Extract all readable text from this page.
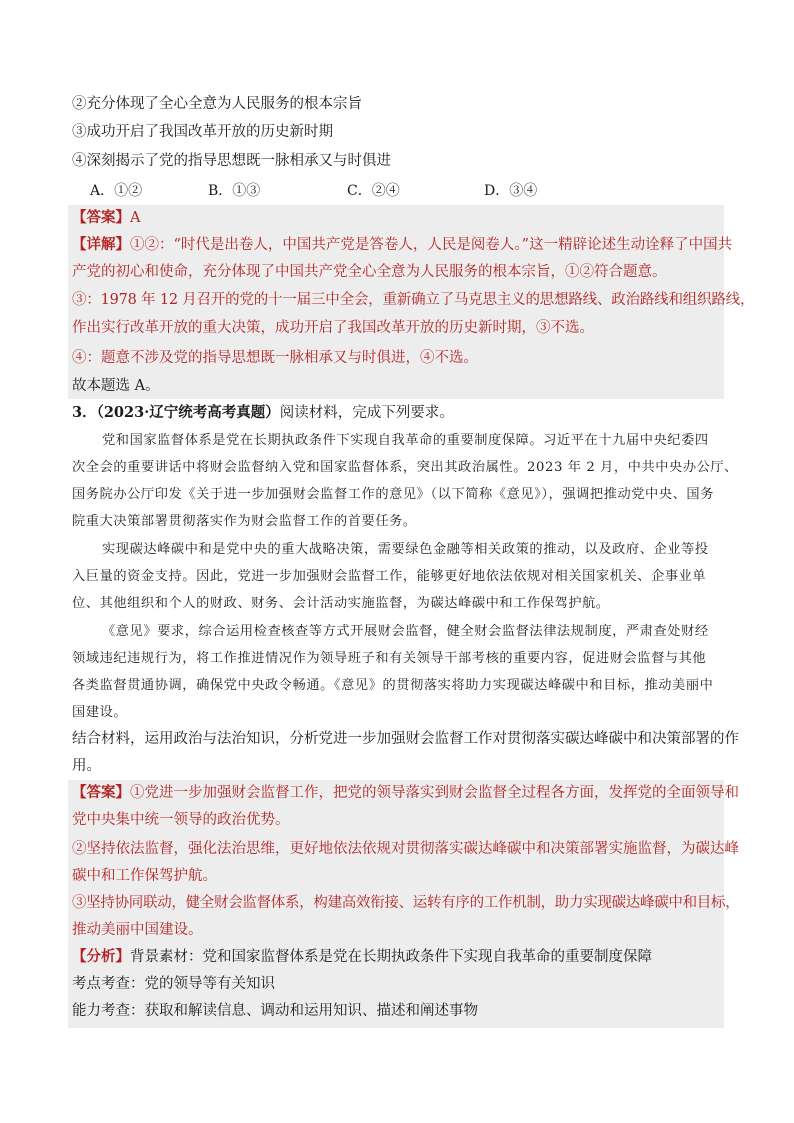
②充分体现了全心全意为人民服务的根本宗旨
③成功开启了我国改革开放的历史新时期
④深刻揭示了党的指导思想既一脉相承又与时俱进
A．①②	B．①③	C．②④	D．③④
【答案】A
【详解】①②：“时代是出卷人，中国共产党是答卷人，人民是阅卷人。”这一精辟论述生动诠释了中国共
产党的初心和使命，充分体现了中国共产党全心全意为人民服务的根本宗旨，①②符合题意。
③：1978 年 12 月召开的党的十一届三中全会，重新确立了马克思主义的思想路线、政治路线和组织路线，
作出实行改革开放的重大决策，成功开启了我国改革开放的历史新时期，③不选。
④：题意不涉及党的指导思想既一脉相承又与时俱进，④不选。
故本题选 A。
3．（2023·辽宁统考高考真题）阅读材料，完成下列要求。
党和国家监督体系是党在长期执政条件下实现自我革命的重要制度保障。习近平在十九届中央纪委四
次全会的重要讲话中将财会监督纳入党和国家监督体系，突出其政治属性。2023 年 2 月，中共中央办公厅、
国务院办公厅印发《关于进一步加强财会监督工作的意见》（以下简称《意见》），强调把推动党中央、国务
院重大决策部署贯彻落实作为财会监督工作的首要任务。
实现碳达峰碳中和是党中央的重大战略决策，需要绿色金融等相关政策的推动，以及政府、企业等投
入巨量的资金支持。因此，党进一步加强财会监督工作，能够更好地依法依规对相关国家机关、企事业单
位、其他组织和个人的财政、财务、会计活动实施监督，为碳达峰碳中和工作保驾护航。
《意见》要求，综合运用检查核查等方式开展财会监督，健全财会监督法律法规制度，严肃查处财经
领域违纪违规行为，将工作推进情况作为领导班子和有关领导干部考核的重要内容，促进财会监督与其他
各类监督贯通协调，确保党中央政令畅通。《意见》的贯彻落实将助力实现碳达峰碳中和目标，推动美丽中
国建设。
结合材料，运用政治与法治知识，分析党进一步加强财会监督工作对贯彻落实碳达峰碳中和决策部署的作
用。
【答案】①党进一步加强财会监督工作，把党的领导落实到财会监督全过程各方面，发挥党的全面领导和
党中央集中统一领导的政治优势。
②坚持依法监督，强化法治思维，更好地依法依规对贯彻落实碳达峰碳中和决策部署实施监督，为碳达峰
碳中和工作保驾护航。
③坚持协同联动，健全财会监督体系，构建高效衔接、运转有序的工作机制，助力实现碳达峰碳中和目标，
推动美丽中国建设。
【分析】背景素材：党和国家监督体系是党在长期执政条件下实现自我革命的重要制度保障
考点考查：党的领导等有关知识
能力考查：获取和解读信息、调动和运用知识、描述和阐述事物
